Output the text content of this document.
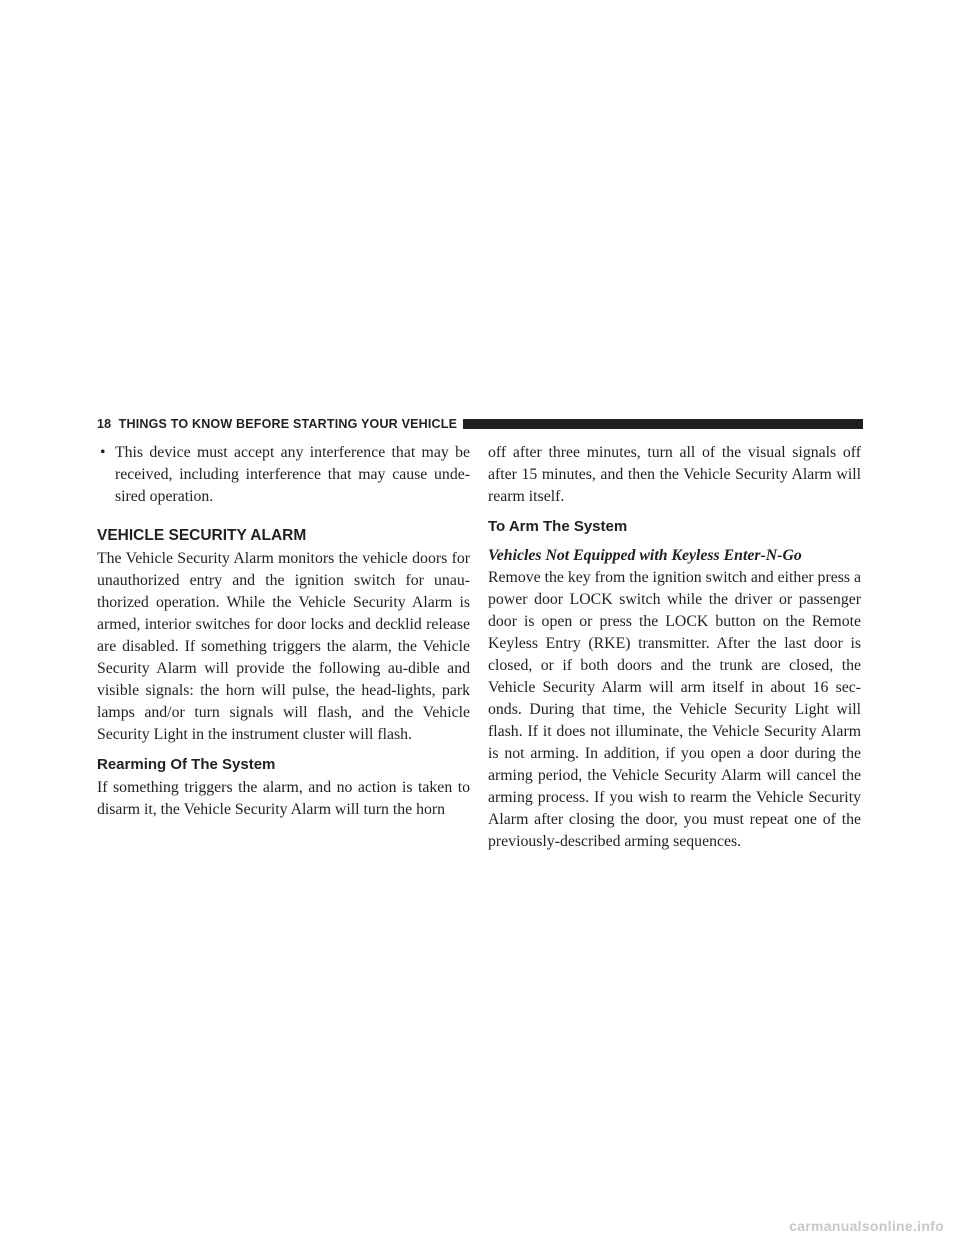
18 THINGS TO KNOW BEFORE STARTING YOUR VEHICLE

• This device must accept any interference that may be received, including interference that may cause unde-sired operation.

VEHICLE SECURITY ALARM

The Vehicle Security Alarm monitors the vehicle doors for unauthorized entry and the ignition switch for unau-thorized operation. While the Vehicle Security Alarm is armed, interior switches for door locks and decklid release are disabled. If something triggers the alarm, the Vehicle Security Alarm will provide the following au-dible and visible signals: the horn will pulse, the head-lights, park lamps and/or turn signals will flash, and the Vehicle Security Light in the instrument cluster will flash.

Rearming Of The System

If something triggers the alarm, and no action is taken to disarm it, the Vehicle Security Alarm will turn the horn

off after three minutes, turn all of the visual signals off after 15 minutes, and then the Vehicle Security Alarm will rearm itself.

To Arm The System

Vehicles Not Equipped with Keyless Enter-N-Go

Remove the key from the ignition switch and either press a power door LOCK switch while the driver or passenger door is open or press the LOCK button on the Remote Keyless Entry (RKE) transmitter. After the last door is closed, or if both doors and the trunk are closed, the Vehicle Security Alarm will arm itself in about 16 sec-onds. During that time, the Vehicle Security Light will flash. If it does not illuminate, the Vehicle Security Alarm is not arming. In addition, if you open a door during the arming period, the Vehicle Security Alarm will cancel the arming process. If you wish to rearm the Vehicle Security Alarm after closing the door, you must repeat one of the previously-described arming sequences.

carmanualsonline.info
